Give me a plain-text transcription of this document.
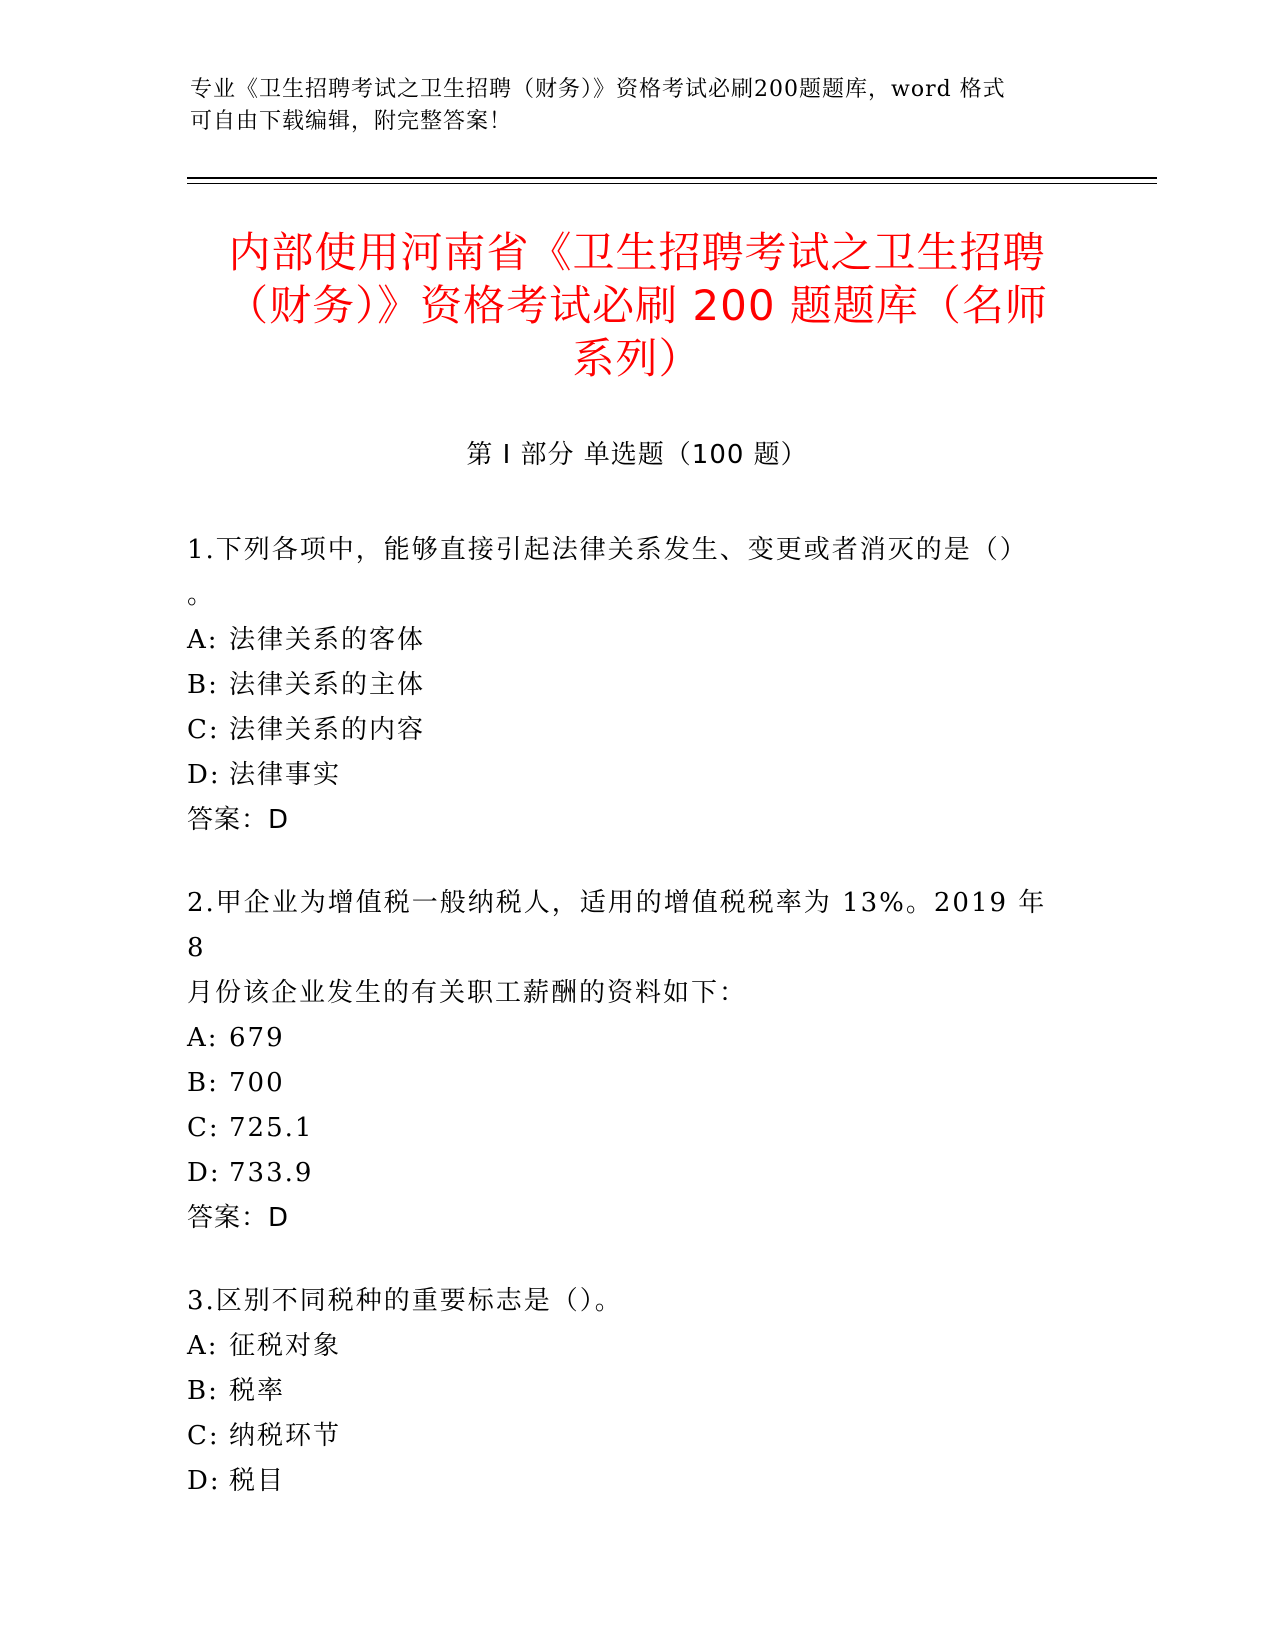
专业《卫生招聘考试之卫生招聘（财务）》资格考试必刷200题题库，word 格式
可自由下载编辑，附完整答案！
内部使用河南省《卫生招聘考试之卫生招聘
（财务）》资格考试必刷 200 题题库（名师
系列）
第 I 部分 单选题（100 题）
1.下列各项中，能够直接引起法律关系发生、变更或者消灭的是（）
。
A: 法律关系的客体
B: 法律关系的主体
C: 法律关系的内容
D: 法律事实
答案：D
2.甲企业为增值税一般纳税人，适用的增值税税率为 13%。2019 年 8
月份该企业发生的有关职工薪酬的资料如下：
A: 679
B: 700
C: 725.1
D: 733.9
答案：D
3.区别不同税种的重要标志是（）。
A: 征税对象
B: 税率
C: 纳税环节
D: 税目
